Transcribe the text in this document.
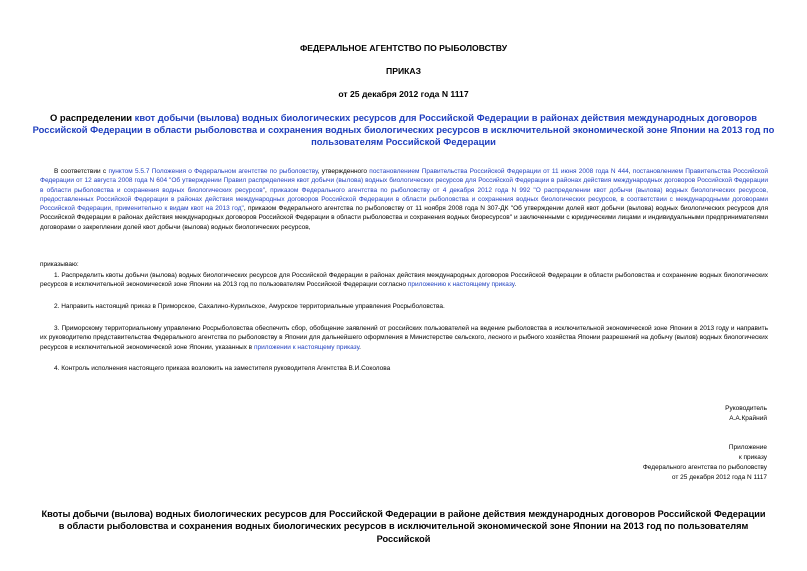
ФЕДЕРАЛЬНОЕ АГЕНТСТВО ПО РЫБОЛОВСТВУ
ПРИКАЗ
от 25 декабря 2012 года N 1117
О распределении квот добычи (вылова) водных биологических ресурсов для Российской Федерации в районах действия международных договоров Российской Федерации в области рыболовства и сохранения водных биологических ресурсов в исключительной экономической зоне Японии на 2013 год по пользователям Российской Федерации
В соответствии с пунктом 5.5.7 Положения о Федеральном агентстве по рыболовству, утвержденного постановлением Правительства Российской Федерации от 11 июня 2008 года N 444, постановлением Правительства Российской Федерации от 12 августа 2008 года N 604 "Об утверждении Правил распределения квот добычи (вылова) водных биологических ресурсов для Российской Федерации в районах действия международных договоров Российской Федерации в области рыболовства и сохранения водных биологических ресурсов", приказом Федерального агентства по рыболовству от 4 декабря 2012 года N 992 "О распределении квот добычи (вылова) водных биологических ресурсов, предоставленных Российской Федерации в районах действия международных договоров Российской Федерации в области рыболовства и сохранения водных биологических ресурсов, в соответствии с международными договорами Российской Федерации, применительно к видам квот на 2013 год", приказом Федерального агентства по рыболовству от 11 ноября 2008 года N 307-ДК "Об утверждении долей квот добычи (вылова) водных биологических ресурсов для Российской Федерации в районах действия международных договоров Российской Федерации в области рыболовства и сохранения водных биоресурсов" и заключенными с юридическими лицами и индивидуальными предпринимателями договорами о закреплении долей квот добычи (вылова) водных биологических ресурсов,
приказываю:
1. Распределить квоты добычи (вылова) водных биологических ресурсов для Российской Федерации в районах действия международных договоров Российской Федерации в области рыболовства и сохранение водных биологических ресурсов в исключительной экономической зоне Японии на 2013 год по пользователям Российской Федерации согласно приложению к настоящему приказу.
2. Направить настоящий приказ в Приморское, Сахалино-Курильское, Амурское территориальные управления Росрыболовства.
3. Приморскому территориальному управлению Росрыболовства обеспечить сбор, обобщение заявлений от российских пользователей на ведение рыболовства в исключительной экономической зоне Японии в 2013 году и направить их руководителю представительства Федерального агентства по рыболовству в Японии для дальнейшего оформления в Министерстве сельского, лесного и рыбного хозяйства Японии разрешений на добычу (вылов) водных биологических ресурсов в исключительной экономической зоне Японии, указанных в приложении к настоящему приказу.
4. Контроль исполнения настоящего приказа возложить на заместителя руководителя Агентства В.И.Соколова
Руководитель
А.А.Крайний
Приложение
к приказу
Федерального агентства по рыболовству
от 25 декабря 2012 года N 1117
Квоты добычи (вылова) водных биологических ресурсов для Российской Федерации в районе действия международных договоров Российской Федерации в области рыболовства и сохранения водных биологических ресурсов в исключительной экономической зоне Японии на 2013 год по пользователям Российской
